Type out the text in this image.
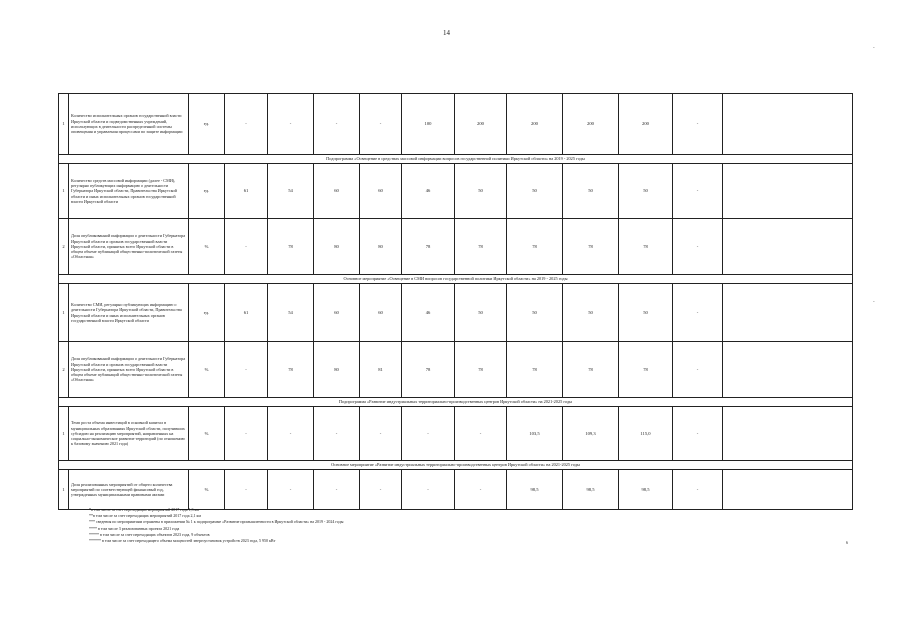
14
1	Количество исполнительных органов государственной власти Иркутской области и подведомственных учреждений, использующих в деятельности распределенной системы оповещения и управления процессами по защите информации	ед.	-	-	-	-	100	200	200	200	200	-	
Подпрограмма «Освещение в средствах массовой информации вопросов государственной политики Иркутской области» на 2019 - 2025 годы													
1	Количество средств массовой информации (далее - СМИ), регулярно публикующих информацию о деятельности Губернатора Иркутской области, Правительства Иркутской области и иных исполнительных органов государственной власти Иркутской области	ед.	61	54	60	60	46	50	50	50	50	-	
2	Доля опубликованной информации о деятельности Губернатора Иркутской области и органов государственной власти Иркутской области, принятых всего Иркутской области в общем объеме публикаций общественно-политической газеты «Областная»	%	-	78	80	80	78	78	78	78	78	-	
Основное мероприятие «Освещение в СМИ вопросов государственной политики Иркутской области» на 2019 - 2025 годы													
1	Количество СМИ, регулярно публикующих информацию о деятельности Губернатора Иркутской области, Правительства Иркутской области и иных исполнительных органов государственной власти Иркутской области	ед.	61	54	60	60	46	50	50	50	50	-	
2	Доля опубликованной информации о деятельности Губернатора Иркутской области и органов государственной власти Иркутской области, принятых всего Иркутской области в общем объеме публикаций общественно-политической газеты «Областная»	%	-	78	80	81	78	78	78	78	78	-	
Подпрограмма «Развитие индустриальных территориально-производственных центров Иркутской области» на 2021-2025 годы													
1	Темп роста объема инвестиций в основной капитал в муниципальных образованиях Иркутской области, получивших субсидию на реализацию мероприятий, направленных на социально-экономическое развитие территорий (по отношению к базовому значению 2021 года)	%	-	-	-	-	-	-	103,5	109,3	115,0	-	
Основное мероприятие «Развитие индустриальных территориально-производственных центров Иркутской области» на 2021-2025 годы													
1	Доля реализованных мероприятий от общего количества мероприятий по соответствующей финансовый год, утвержденных муниципальными правовыми актами	%	-	-	-	-	-	-	98,5	98,5	98,5	-	
*в том числе за счет переходящих мероприятий 2017 года 1,3 км
**в том числе за счет переходящих мероприятий 2017 года 2,1 км
*** сведения по мероприятиям отражены в приложении № 1 к подпрограмме «Развитие промышленности в Иркутской области» на 2019 - 2024 годы
**** в том числе 3 реализованных проекта 2021 года
***** в том числе за счет переходящих объектов 2023 года, 9 объектов
****** в том числе за счет переходящего объема мощностей энергоустановок устройств 2023 года, 5 950 кВт	6
-
-
